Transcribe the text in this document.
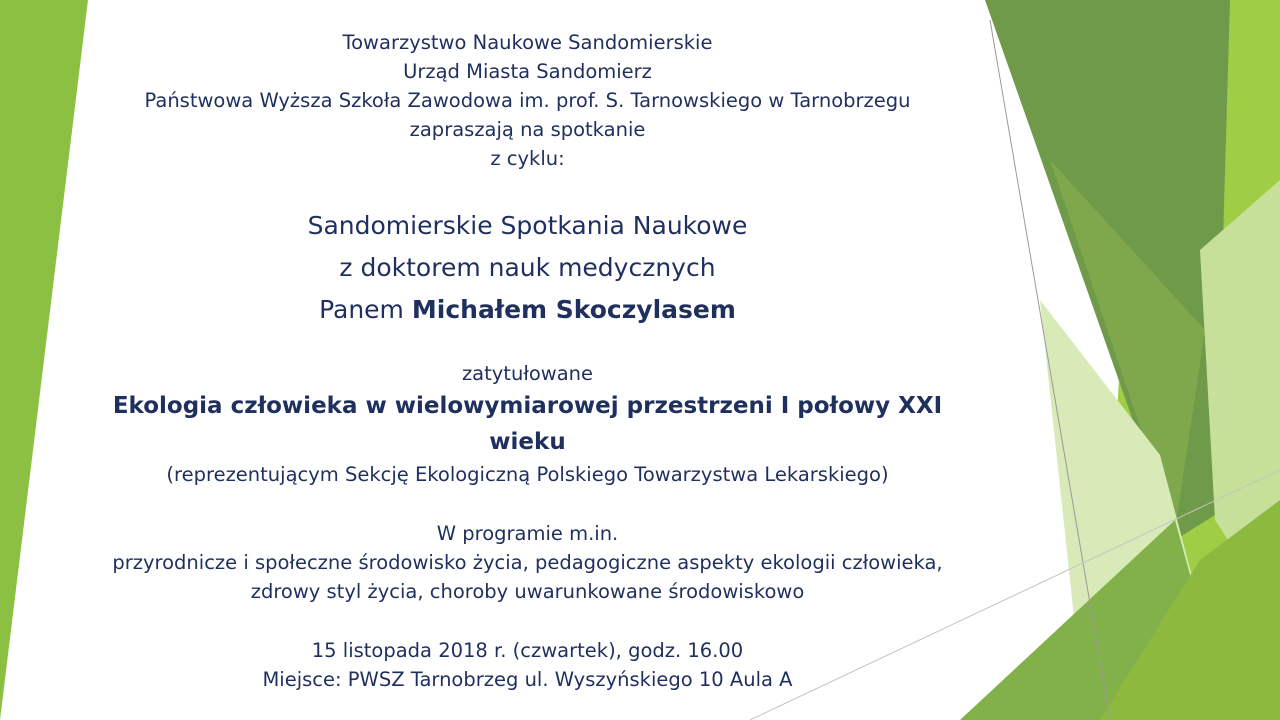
Towarzystwo Naukowe Sandomierskie
Urząd Miasta Sandomierz
Państwowa Wyższa Szkoła Zawodowa im. prof. S. Tarnowskiego w Tarnobrzegu
zapraszają na spotkanie
z cyklu:
Sandomierskie Spotkania Naukowe
z doktorem nauk medycznych
Panem Michałem Skoczylasem
zatytułowane
Ekologia człowieka w wielowymiarowej przestrzeni I połowy XXI
wieku
(reprezentującym Sekcję Ekologiczną Polskiego Towarzystwa Lekarskiego)
W programie m.in.
przyrodnicze i społeczne środowisko życia, pedagogiczne aspekty ekologii człowieka,
zdrowy styl życia, choroby uwarunkowane środowiskowo
15 listopada 2018 r. (czwartek), godz. 16.00
Miejsce: PWSZ Tarnobrzeg ul. Wyszyńskiego 10 Aula A
